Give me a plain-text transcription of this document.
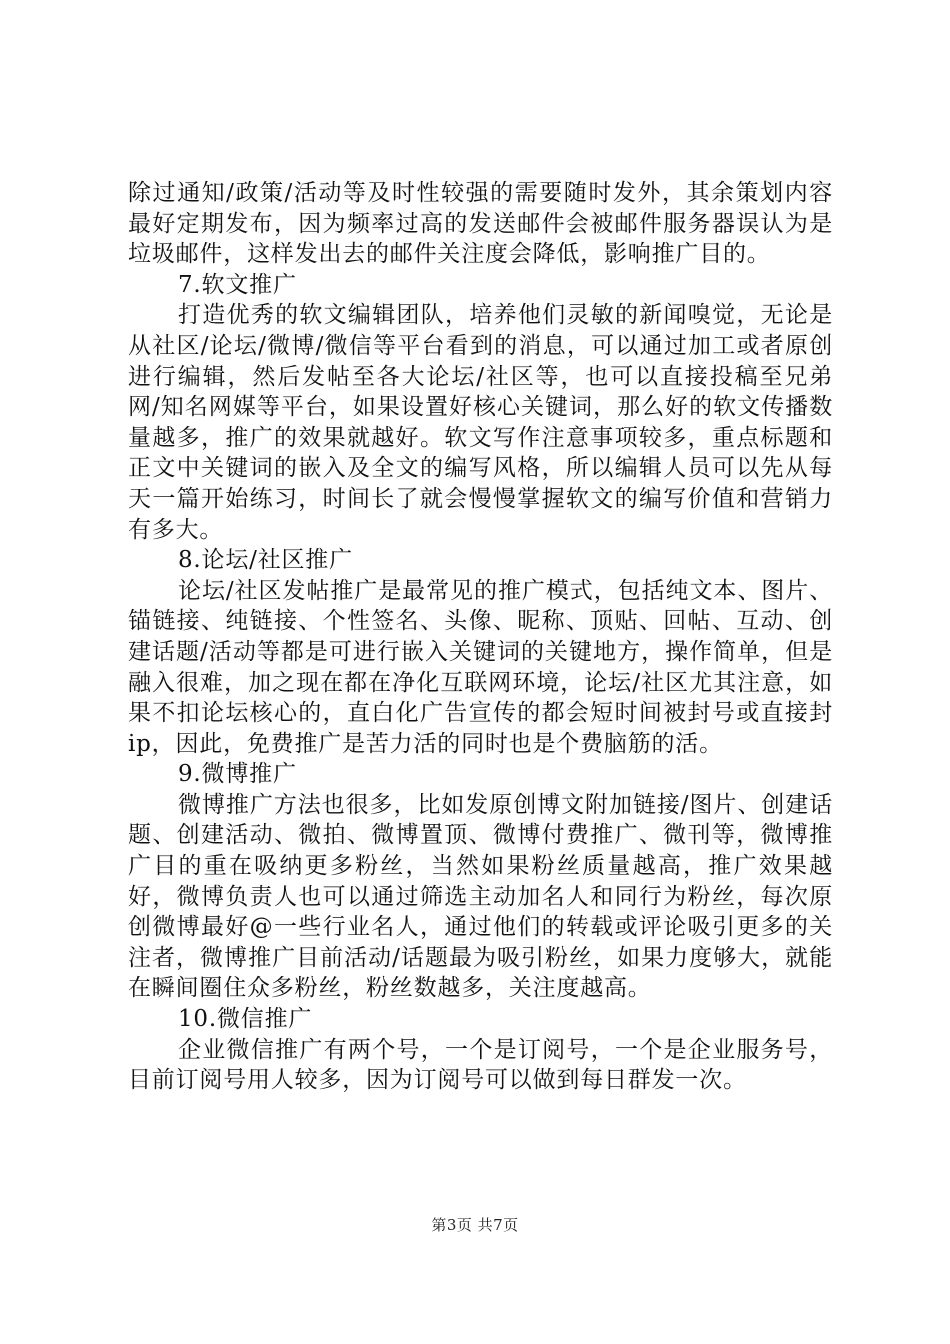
除过通知/政策/活动等及时性较强的需要随时发外，其余策划内容最好定期发布，因为频率过高的发送邮件会被邮件服务器误认为是垃圾邮件，这样发出去的邮件关注度会降低，影响推广目的。

7.软文推广

打造优秀的软文编辑团队，培养他们灵敏的新闻嗅觉，无论是从社区/论坛/微博/微信等平台看到的消息，可以通过加工或者原创进行编辑，然后发帖至各大论坛/社区等，也可以直接投稿至兄弟网/知名网媒等平台，如果设置好核心关键词，那么好的软文传播数量越多，推广的效果就越好。软文写作注意事项较多，重点标题和正文中关键词的嵌入及全文的编写风格，所以编辑人员可以先从每天一篇开始练习，时间长了就会慢慢掌握软文的编写价值和营销力有多大。

8.论坛/社区推广

论坛/社区发帖推广是最常见的推广模式，包括纯文本、图片、锚链接、纯链接、个性签名、头像、昵称、顶贴、回帖、互动、创建话题/活动等都是可进行嵌入关键词的关键地方，操作简单，但是融入很难，加之现在都在净化互联网环境，论坛/社区尤其注意，如果不扣论坛核心的，直白化广告宣传的都会短时间被封号或直接封ip，因此，免费推广是苦力活的同时也是个费脑筋的活。

9.微博推广

微博推广方法也很多，比如发原创博文附加链接/图片、创建话题、创建活动、微拍、微博置顶、微博付费推广、微刊等，微博推广目的重在吸纳更多粉丝，当然如果粉丝质量越高，推广效果越好，微博负责人也可以通过筛选主动加名人和同行为粉丝，每次原创微博最好@一些行业名人，通过他们的转载或评论吸引更多的关注者，微博推广目前活动/话题最为吸引粉丝，如果力度够大，就能在瞬间圈住众多粉丝，粉丝数越多，关注度越高。

10.微信推广

企业微信推广有两个号，一个是订阅号，一个是企业服务号，目前订阅号用人较多，因为订阅号可以做到每日群发一次。

第3页 共7页
